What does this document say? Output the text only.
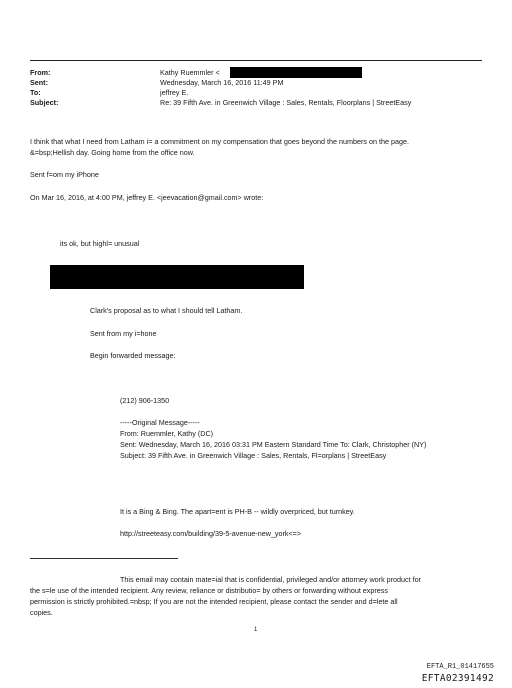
From:	Kathy Ruemmler <
Sent:	Wednesday, March 16, 2016 11:49 PM
To:	jeffrey E.
Subject:	Re: 39 Fifth Ave. in Greenwich Village : Sales, Rentals, Floorplans | StreetEasy
I think that what I need from Latham i= a commitment on my compensation that goes beyond the numbers on the page.
&=bsp;Hellish day. Going home from the office now.
Sent f=om my iPhone
On Mar 16, 2016, at 4:00 PM, jeffrey E. <jeevacation@gmail.com> wrote:
its ok, but highl= unusual
Clark's proposal as to what I should tell Latham.
Sent from my i=hone
Begin forwarded message:
(212) 906-1350
-----Original Message-----
From: Ruemmler, Kathy (DC)
Sent: Wednesday, March 16, 2016 03:31 PM Eastern Standard Time To: Clark, Christopher (NY)
Subject: 39 Fifth Ave. in Greenwich Village : Sales, Rentals, Fl=orplans | StreetEasy
It is a Bing & Bing. The apart=ent is PH-B -- wildly overpriced, but turnkey.
http://streeteasy.com/building/39-5-avenue-new_york<=>
This email may contain mate=ial that is confidential, privileged and/or attorney work product for
the s=le use of the intended recipient. Any review, reliance or distributio= by others or forwarding without express
permission is strictly prohibited.=nbsp; If you are not the intended recipient, please contact the sender and d=lete all
copies.
1
EFTA_R1_01417655
EFTA02391492
